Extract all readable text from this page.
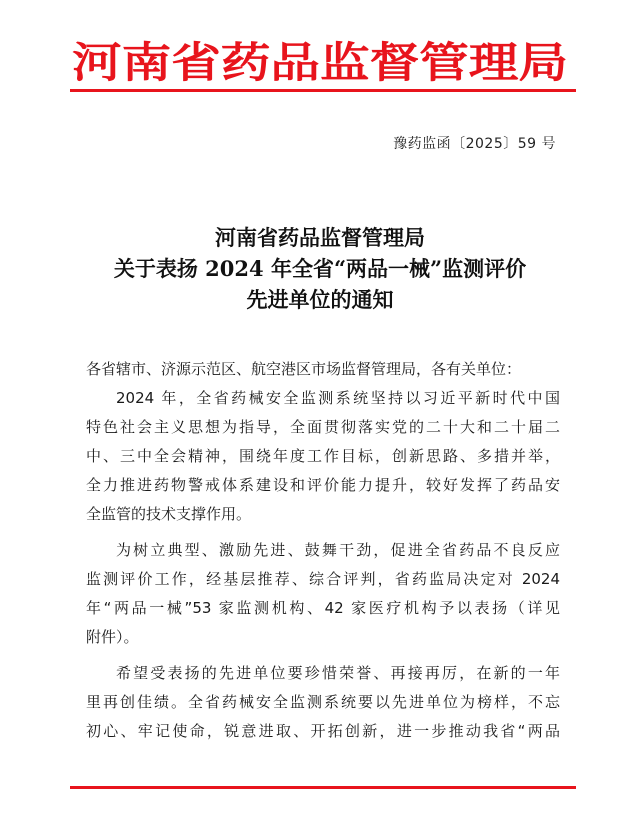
河南省药品监督管理局
豫药监函〔2025〕59 号
河南省药品监督管理局
关于表扬 2024 年全省“两品一械”监测评价
先进单位的通知
各省辖市、济源示范区、航空港区市场监督管理局，各有关单位：
2024 年，全省药械安全监测系统坚持以习近平新时代中国
特色社会主义思想为指导，全面贯彻落实党的二十大和二十届二
中、三中全会精神，围绕年度工作目标，创新思路、多措并举，
全力推进药物警戒体系建设和评价能力提升，较好发挥了药品安
全监管的技术支撑作用。
为树立典型、激励先进、鼓舞干劲，促进全省药品不良反应
监测评价工作，经基层推荐、综合评判，省药监局决定对 2024
年“两品一械”53 家监测机构、42 家医疗机构予以表扬（详见
附件）。
希望受表扬的先进单位要珍惜荣誉、再接再厉，在新的一年
里再创佳绩。全省药械安全监测系统要以先进单位为榜样，不忘
初心、牢记使命，锐意进取、开拓创新，进一步推动我省“两品
